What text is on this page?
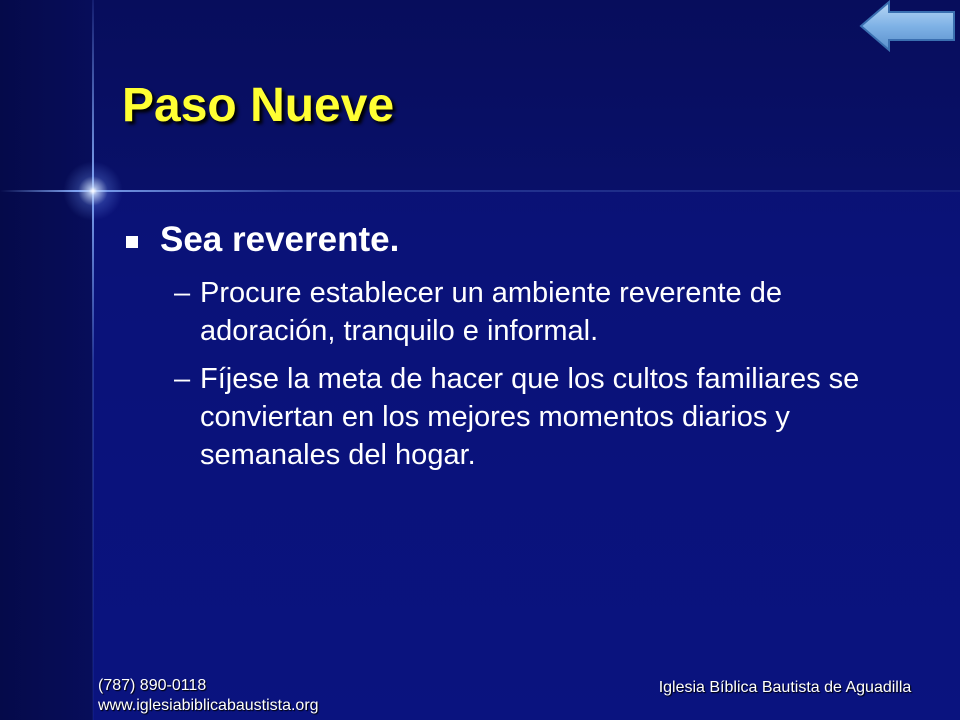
Paso Nueve
Sea reverente.
– Procure establecer un ambiente reverente de adoración, tranquilo e informal.
– Fíjese la meta de hacer que los cultos familiares se conviertan en los mejores momentos diarios y semanales del hogar.
(787) 890-0118
www.iglesiabiblicabaustista.org
Iglesia Bíblica Bautista de Aguadilla
